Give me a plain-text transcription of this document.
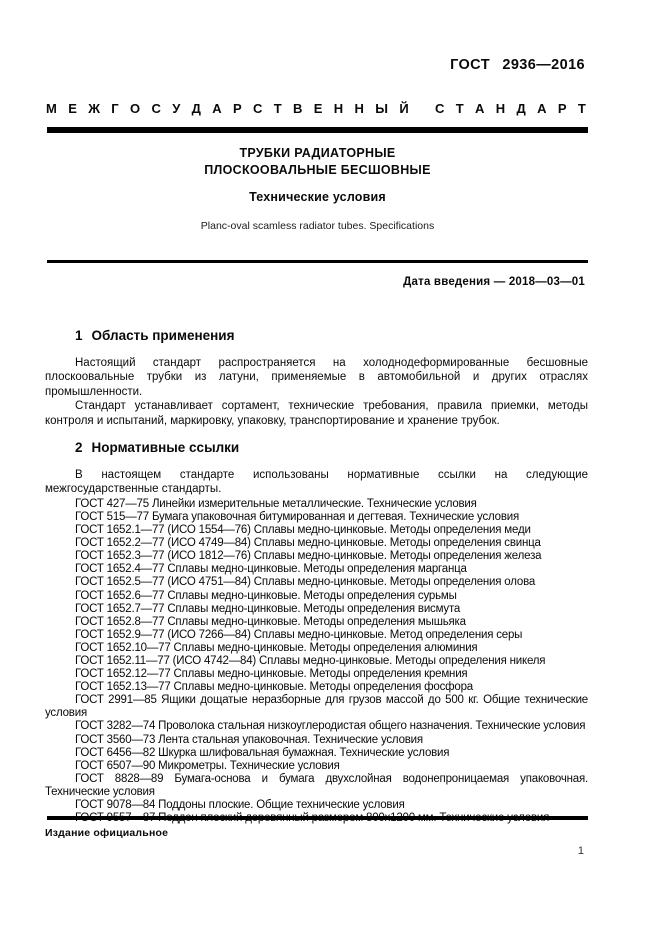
ГОСТ 2936—2016
М Е Ж Г О С У Д А Р С Т В Е Н Н Ы Й
С Т А Н Д А Р Т
ТРУБКИ РАДИАТОРНЫЕ
ПЛОСКООВАЛЬНЫЕ БЕСШОВНЫЕ
Технические условия
Planc-oval scamless radiator tubes. Specifications
Дата введения — 2018—03—01

1 Область применения

Настоящий стандарт распространяется на холоднодеформированные бесшовные плоскоовальные трубки из латуни, применяемые в автомобильной и других отраслях промышленности.

Стандарт устанавливает сортамент, технические требования, правила приемки, методы контроля и испытаний, маркировку, упаковку, транспортирование и хранение трубок.

2 Нормативные ссылки

В настоящем стандарте использованы нормативные ссылки на следующие межгосударственные стандарты.

ГОСТ 427—75 Линейки измерительные металлические. Технические условия
ГОСТ 515—77 Бумага упаковочная битумированная и дегтевая. Технические условия
ГОСТ 1652.1—77 (ИСО 1554—76) Сплавы медно-цинковые. Методы определения меди
ГОСТ 1652.2—77 (ИСО 4749—84) Сплавы медно-цинковые. Методы определения свинца
ГОСТ 1652.3—77 (ИСО 1812—76) Сплавы медно-цинковые. Методы определения железа
ГОСТ 1652.4—77 Сплавы медно-цинковые. Методы определения марганца
ГОСТ 1652.5—77 (ИСО 4751—84) Сплавы медно-цинковые. Методы определения олова
ГОСТ 1652.6—77 Сплавы медно-цинковые. Методы определения сурьмы
ГОСТ 1652.7—77 Сплавы медно-цинковые. Методы определения висмута
ГОСТ 1652.8—77 Сплавы медно-цинковые. Методы определения мышьяка
ГОСТ 1652.9—77 (ИСО 7266—84) Сплавы медно-цинковые. Метод определения серы
ГОСТ 1652.10—77 Сплавы медно-цинковые. Методы определения алюминия
ГОСТ 1652.11—77 (ИСО 4742—84) Сплавы медно-цинковые. Методы определения никеля
ГОСТ 1652.12—77 Сплавы медно-цинковые. Методы определения кремния
ГОСТ 1652.13—77 Сплавы медно-цинковые. Методы определения фосфора
ГОСТ 2991—85 Ящики дощатые неразборные для грузов массой до 500 кг. Общие технические условия
ГОСТ 3282—74 Проволока стальная низкоуглеродистая общего назначения. Технические условия
ГОСТ 3560—73 Лента стальная упаковочная. Технические условия
ГОСТ 6456—82 Шкурка шлифовальная бумажная. Технические условия
ГОСТ 6507—90 Микрометры. Технические условия
ГОСТ 8828—89 Бумага-основа и бумага двухслойная водонепроницаемая упаковочная. Технические условия
ГОСТ 9078—84 Поддоны плоские. Общие технические условия
Издание официальное
1
